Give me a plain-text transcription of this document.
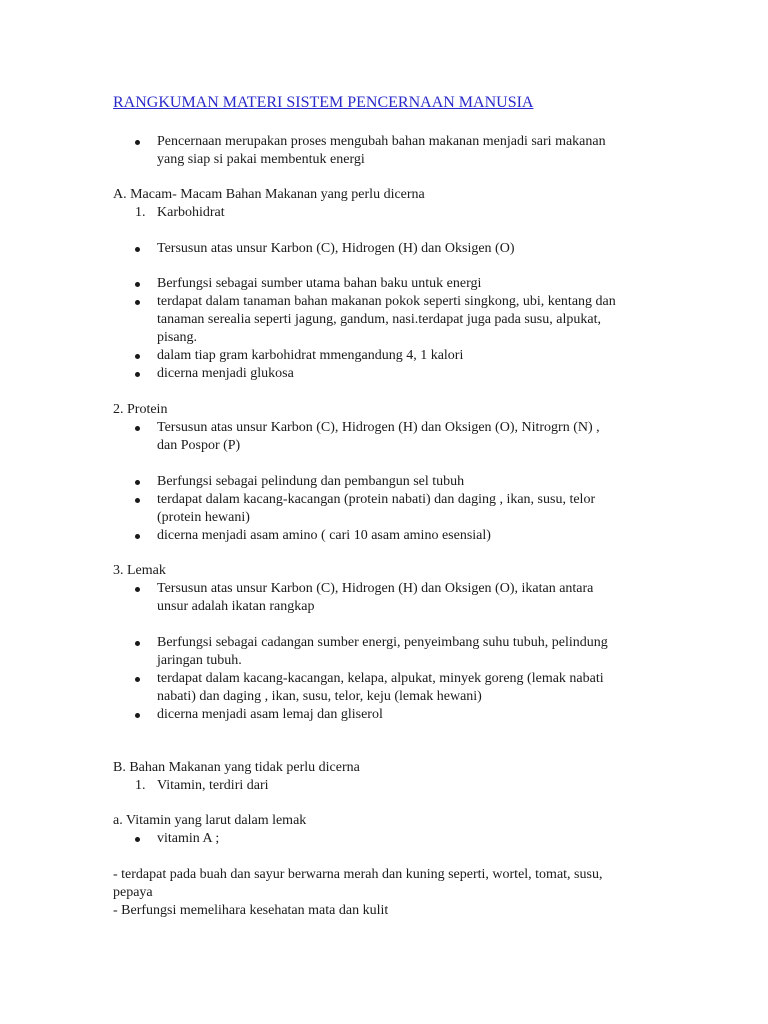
RANGKUMAN MATERI SISTEM PENCERNAAN MANUSIA
Pencernaan merupakan proses mengubah bahan makanan menjadi sari makanan
yang siap si pakai membentuk energi
A. Macam- Macam Bahan Makanan yang perlu dicerna
1. Karbohidrat
Tersusun atas unsur Karbon (C), Hidrogen (H) dan Oksigen (O)
Berfungsi sebagai sumber utama bahan baku untuk energi
terdapat dalam tanaman bahan makanan pokok seperti singkong, ubi, kentang dan
tanaman serealia seperti jagung, gandum, nasi.terdapat juga pada susu, alpukat,
pisang.
dalam tiap gram karbohidrat mmengandung 4, 1 kalori
dicerna menjadi glukosa
2. Protein
Tersusun atas unsur Karbon (C), Hidrogen (H) dan Oksigen (O), Nitrogrn (N) ,
dan Pospor (P)
Berfungsi sebagai pelindung dan pembangun sel tubuh
terdapat dalam kacang-kacangan (protein nabati) dan daging , ikan, susu, telor
(protein hewani)
dicerna menjadi asam amino ( cari 10 asam amino esensial)
3. Lemak
Tersusun atas unsur Karbon (C), Hidrogen (H) dan Oksigen (O), ikatan antara
unsur adalah ikatan rangkap
Berfungsi sebagai cadangan sumber energi, penyeimbang suhu tubuh, pelindung
jaringan tubuh.
terdapat dalam kacang-kacangan, kelapa, alpukat, minyek goreng (lemak nabati
nabati) dan daging , ikan, susu, telor, keju (lemak hewani)
dicerna menjadi asam lemaj dan gliserol
B. Bahan Makanan yang tidak perlu dicerna
1. Vitamin, terdiri dari
a. Vitamin yang larut dalam lemak
vitamin A ;
- terdapat pada buah dan sayur berwarna merah dan kuning seperti, wortel, tomat, susu,
pepaya
- Berfungsi memelihara kesehatan mata dan kulit
